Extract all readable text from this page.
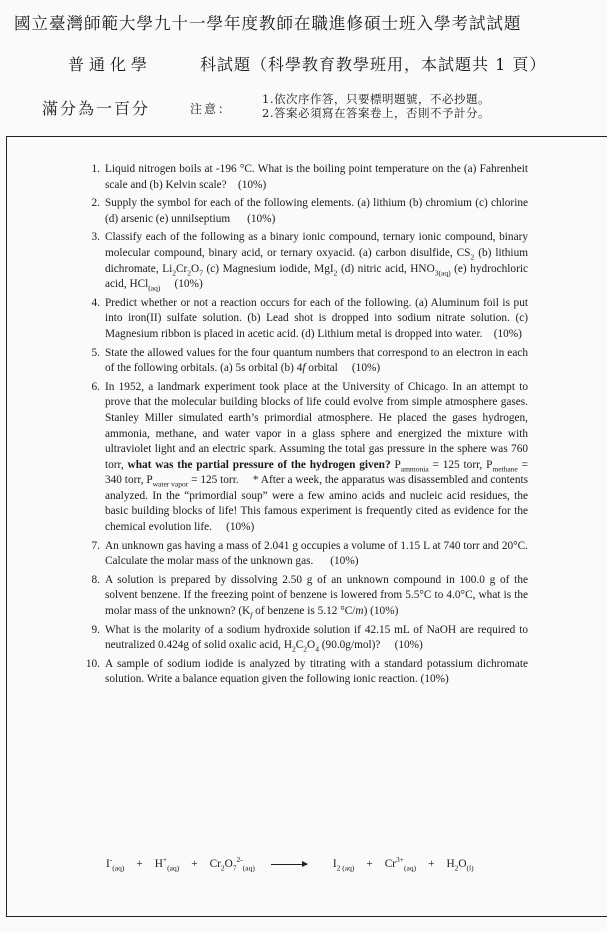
國立臺灣師範大學九十一學年度教師在職進修碩士班入學考試試題
普通化學	科試題（科學教育教學班用，本試題共 1 頁）
滿分為一百分	注意：
1.依次序作答，只要標明題號，不必抄題。
2.答案必須寫在答案卷上，否則不予計分。
1. Liquid nitrogen boils at -196 °C. What is the boiling point temperature on the (a) Fahrenheit scale and (b) Kelvin scale?    (10%)
2. Supply the symbol for each of the following elements. (a) lithium (b) chromium (c) chlorine (d) arsenic (e) unnilseptium      (10%)
3. Classify each of the following as a binary ionic compound, ternary ionic compound, binary molecular compound, binary acid, or ternary oxyacid. (a) carbon disulfide, $CS_2$ (b) lithium dichromate, $Li_2Cr_2O_7$ (c) Magnesium iodide, MgI$_2$ (d) nitric acid, $HNO_{3(aq)}$ (e) hydrochloric acid, HCl$_{(aq)}$     (10%)
4. Predict whether or not a reaction occurs for each of the following. (a) Aluminum foil is put into iron(II) sulfate solution. (b) Lead shot is dropped into sodium nitrate solution. (c) Magnesium ribbon is placed in acetic acid. (d) Lithium metal is dropped into water.    (10%)
5. State the allowed values for the four quantum numbers that correspond to an electron in each of the following orbitals. (a) 5s orbital (b) 4f orbital     (10%)
6. In 1952, a landmark experiment took place at the University of Chicago. In an attempt to prove that the molecular building blocks of life could evolve from simple atmosphere gases. Stanley Miller simulated earth’s primordial atmosphere. He placed the gases hydrogen, ammonia, methane, and water vapor in a glass sphere and energized the mixture with ultraviolet light and an electric spark. Assuming the total gas pressure in the sphere was 760 torr, what was the partial pressure of the hydrogen given? $P_{ammonia} = 125$ torr, $P_{methane} = 340$ torr, $P_{water vapor} = 125$ torr.     * After a week, the apparatus was disassembled and contents analyzed. In the “primordial soup” were a few amino acids and nucleic acid residues, the basic building blocks of life! This famous experiment is frequently cited as evidence for the chemical evolution life.     (10%)
7. An unknown gas having a mass of 2.041 g occupies a volume of 1.15 L at 740 torr and 20°C. Calculate the molar mass of the unknown gas.      (10%)
8. A solution is prepared by dissolving 2.50 g of an unknown compound in 100.0 g of the solvent benzene. If the freezing point of benzene is lowered from 5.5°C to 4.0°C, what is the molar mass of the unknown? ($K_f$ of benzene is 5.12 °C/m) (10%)
9. What is the molarity of a sodium hydroxide solution if 42.15 mL of NaOH are required to neutralized 0.424g of solid oxalic acid, $H_2C_2O_4$ (90.0g/mol)?     (10%)
10. A sample of sodium iodide is analyzed by titrating with a standard potassium dichromate solution. Write a balance equation given the following ionic reaction. (10%)
$I^-_{(aq)} + H^+_{(aq)} + Cr_2O_7^{2-}_{(aq)} \to I_{2 (aq)} + Cr^{3+}_{(aq)} + H_2O_{(l)}$
